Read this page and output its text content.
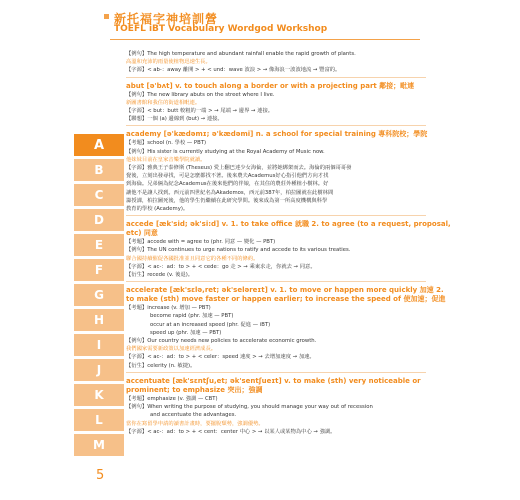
新托福字神培訓營
TOEFL iBT Vocabulary Wordgod Workshop
A
B
C
D
E
F
G
H
I
J
K
L
M
【例句】The high temperature and abundant rainfall enable the rapid growth of plants.
高溫和充沛的雨量使植物迅速生長。
【字源】< ab-：away 離開 > + < und：wave 波浪 > → 像海浪一波波地流 → 豐富的。
abut [ə'bʌt] v. to touch along a border or with a projecting part 鄰接；毗連
【例句】The new library abuts on the street where I live.
新圖書館和我住的街道相毗連。
【字源】< but：butt 較粗的一端 > → 尾端 → 邊界 → 連接。
【聯想】一個 (a) 邊線到 (but) → 連接。
academy [ə'kædəmɪ; ə'kædəmi] n. a school for special training 專科院校；學院
【考題】school (n. 學校 — PBT)
【例句】His sister is currently studying at the Royal Academy of Music now.
他妹妹目前在皇家音樂學院就讀。
【字源】雅典王子泰修斯 (Theseus) 愛上翻巴達少女海倫，並將她綁架而去。海倫的兩個哥哥發
覺後，立刻出發尋找，可是怎麼都找不著。後來農夫Academus好心指引他們方向才找
到海倫。兄弟倆為紀念Academus在後來他們的伴娘，在其住的農莊外種植小樹林。好
讓他不是讓人找到。西元前四世紀名為Akademos，西元前387年，柏拉圖就在此樹林間
籌授課，柏拉圖死後，他的學生仍繼續在此研究學問。後來成為第一所高度機構與科學
教育的學校 (Academy)。
accede [æk'sid; ək'si:d] v. 1. to take office 就職 2. to agree (to a request, proposal,
etc) 同意
【考題】accede with = agree to (phr. 同意 — 變化 — PBT)
【例句】The UN continues to urge nations to ratify and accede to its various treaties.
聯合國持續催促各國批准並且同意它的各種不同的條約。
【字源】< ac-：ad：to > + < cede：go 走 > → 乘東求走，你就去 → 同意。
【衍生】recede (v. 後退)。
accelerate [æk'sɛlə,ret; ək'seləreɪt] v. 1. to move or happen more quickly 加速 2.
to make (sth) move faster or happen earlier; to increase the speed of 使加速；促進
【考題】increase (v. 增加 — PBT)
become rapid (phr. 加速 — PBT)
occur at an increased speed (phr. 促進 — iBT)
speed up (phr. 加速 — PBT)
【例句】Our country needs new policies to accelerate economic growth.
我們國家需要新政策以加速經濟成長。
【字源】< ac-：ad：to > + < celer：speed 速度 > → 去增加速度 → 加速。
【衍生】celerity (n. 敏捷)。
accentuate [æk'sɛntʃu,et; ək'sentʃueɪt] v. to make (sth) very noticeable or
prominent; to emphasize 突出；強調
【考題】emphasize (v. 強調 — CBT)
【例句】When writing the purpose of studying, you should manage your way out of recession
and accentuate the advantages.
當你在寫留學申請的讀書計畫時，要擺脫頹勢，強調優勢。
【字源】< ac-：ad：to > + < cent：center 中心 > → 以某人或某物為中心 → 強調。
5
